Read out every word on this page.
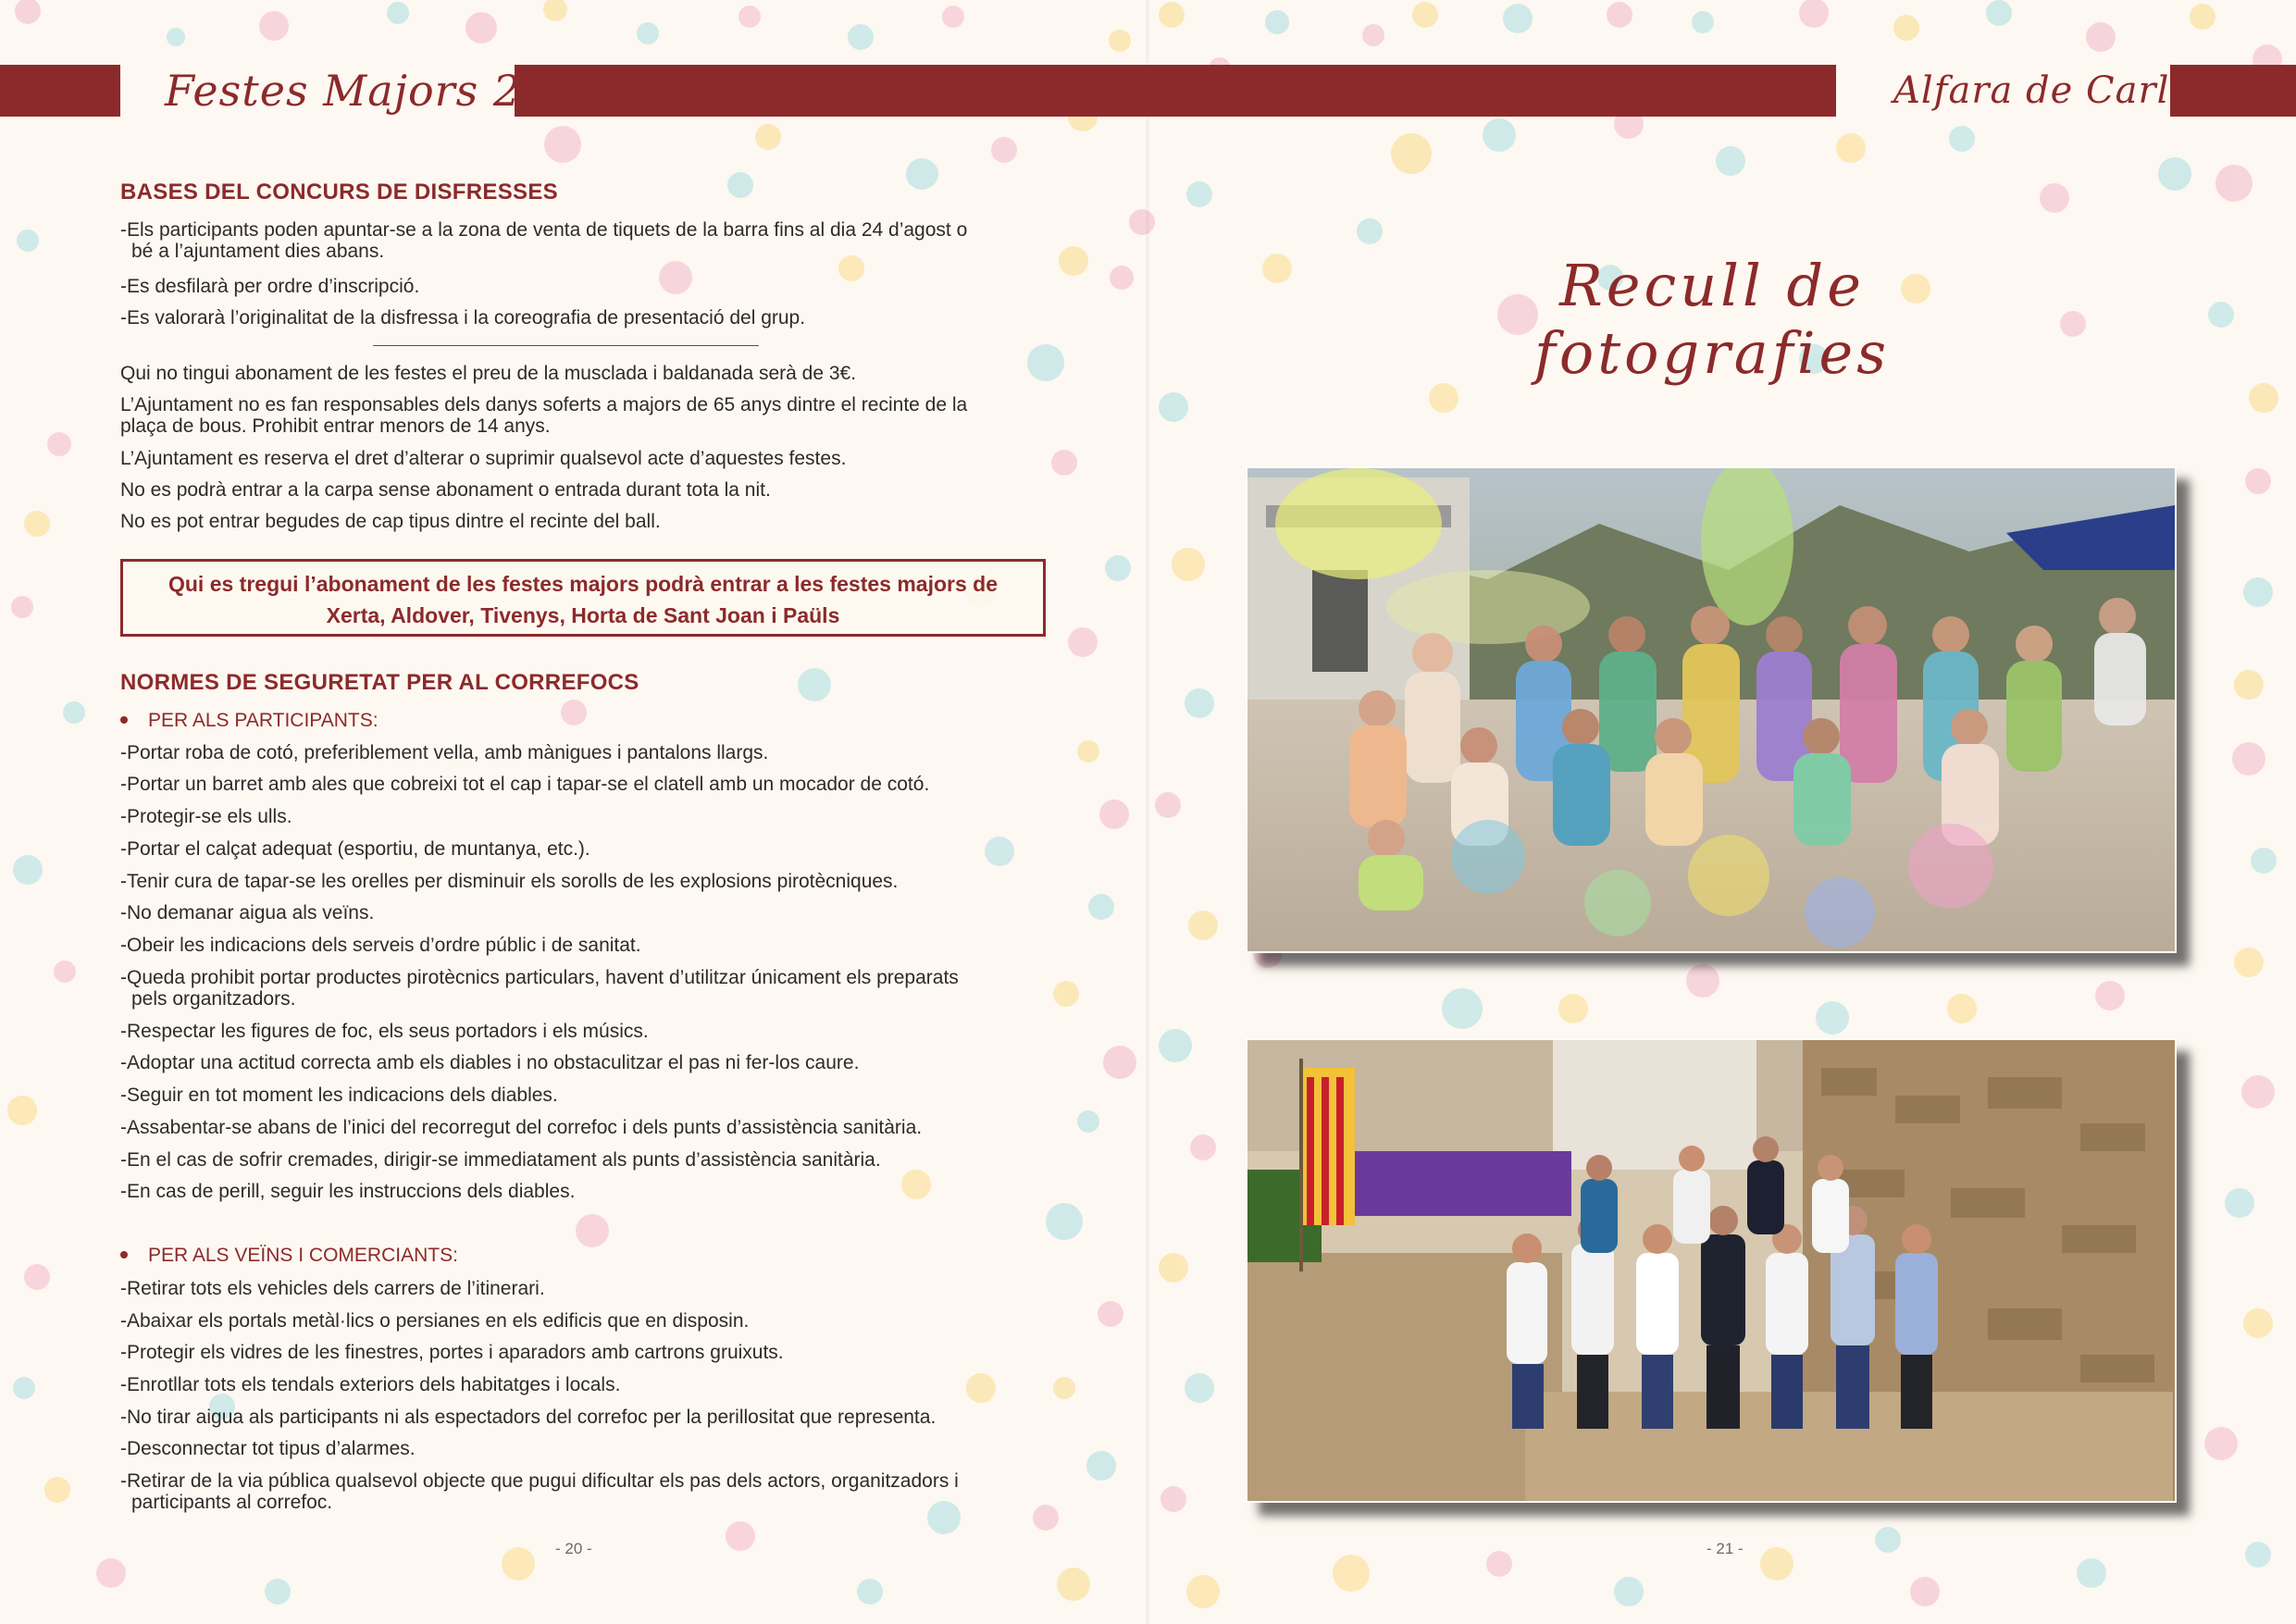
Festes Majors 2022	Alfara de Carles
BASES DEL CONCURS DE DISFRESSES
-Els participants poden apuntar-se a la zona de venta de tiquets de la barra fins al dia 24 d’agost o
bé a l’ajuntament dies abans.
-Es desfilarà per ordre d’inscripció.
-Es valorarà l’originalitat de la disfressa i la coreografia de presentació del grup.
Qui no tingui abonament de les festes el preu de la musclada i baldanada serà de 3€.
L’Ajuntament no es fan responsables dels danys soferts a majors de 65 anys dintre el recinte de la
plaça de bous. Prohibit entrar menors de 14 anys.
L’Ajuntament es reserva el dret d’alterar o suprimir qualsevol acte d’aquestes festes.
No es podrà entrar a la carpa sense abonament o entrada durant tota la nit.
No es pot entrar begudes de cap tipus dintre el recinte del ball.
Qui es tregui l’abonament de les festes majors podrà entrar a les festes majors de
Xerta, Aldover, Tivenys, Horta de Sant Joan i Paüls
NORMES DE SEGURETAT PER AL CORREFOCS
PER ALS PARTICIPANTS:
-Portar roba de cotó, preferiblement vella, amb mànigues i pantalons llargs.
-Portar un barret amb ales que cobreixi tot el cap i tapar-se el clatell amb un mocador de cotó.
-Protegir-se els ulls.
-Portar el calçat adequat (esportiu, de muntanya, etc.).
-Tenir cura de tapar-se les orelles per disminuir els sorolls de les explosions pirotècniques.
-No demanar aigua als veïns.
-Obeir les indicacions dels serveis d’ordre públic i de sanitat.
-Queda prohibit portar productes pirotècnics particulars, havent d’utilitzar únicament els preparats
pels organitzadors.
-Respectar les figures de foc, els seus portadors i els músics.
-Adoptar una actitud correcta amb els diables i no obstaculitzar el pas ni fer-los caure.
-Seguir en tot moment les indicacions dels diables.
-Assabentar-se abans de l’inici del recorregut del correfoc i dels punts d’assistència sanitària.
-En el cas de sofrir cremades, dirigir-se immediatament als punts d’assistència sanitària.
-En cas de perill, seguir les instruccions dels diables.
PER ALS VEÏNS I COMERCIANTS:
-Retirar tots els vehicles dels carrers de l’itinerari.
-Abaixar els portals metàl·lics o persianes en els edificis que en disposin.
-Protegir els vidres de les finestres, portes i aparadors amb cartrons gruixuts.
-Enrotllar tots els tendals exteriors dels habitatges i locals.
-No tirar aigua als participants ni als espectadors del correfoc per la perillositat que representa.
-Desconnectar tot tipus d’alarmes.
-Retirar de la via pública qualsevol objecte que pugui dificultar els pas dels actors, organitzadors i
participants al correfoc.
- 20 -
Recull de fotografies
- 21 -
